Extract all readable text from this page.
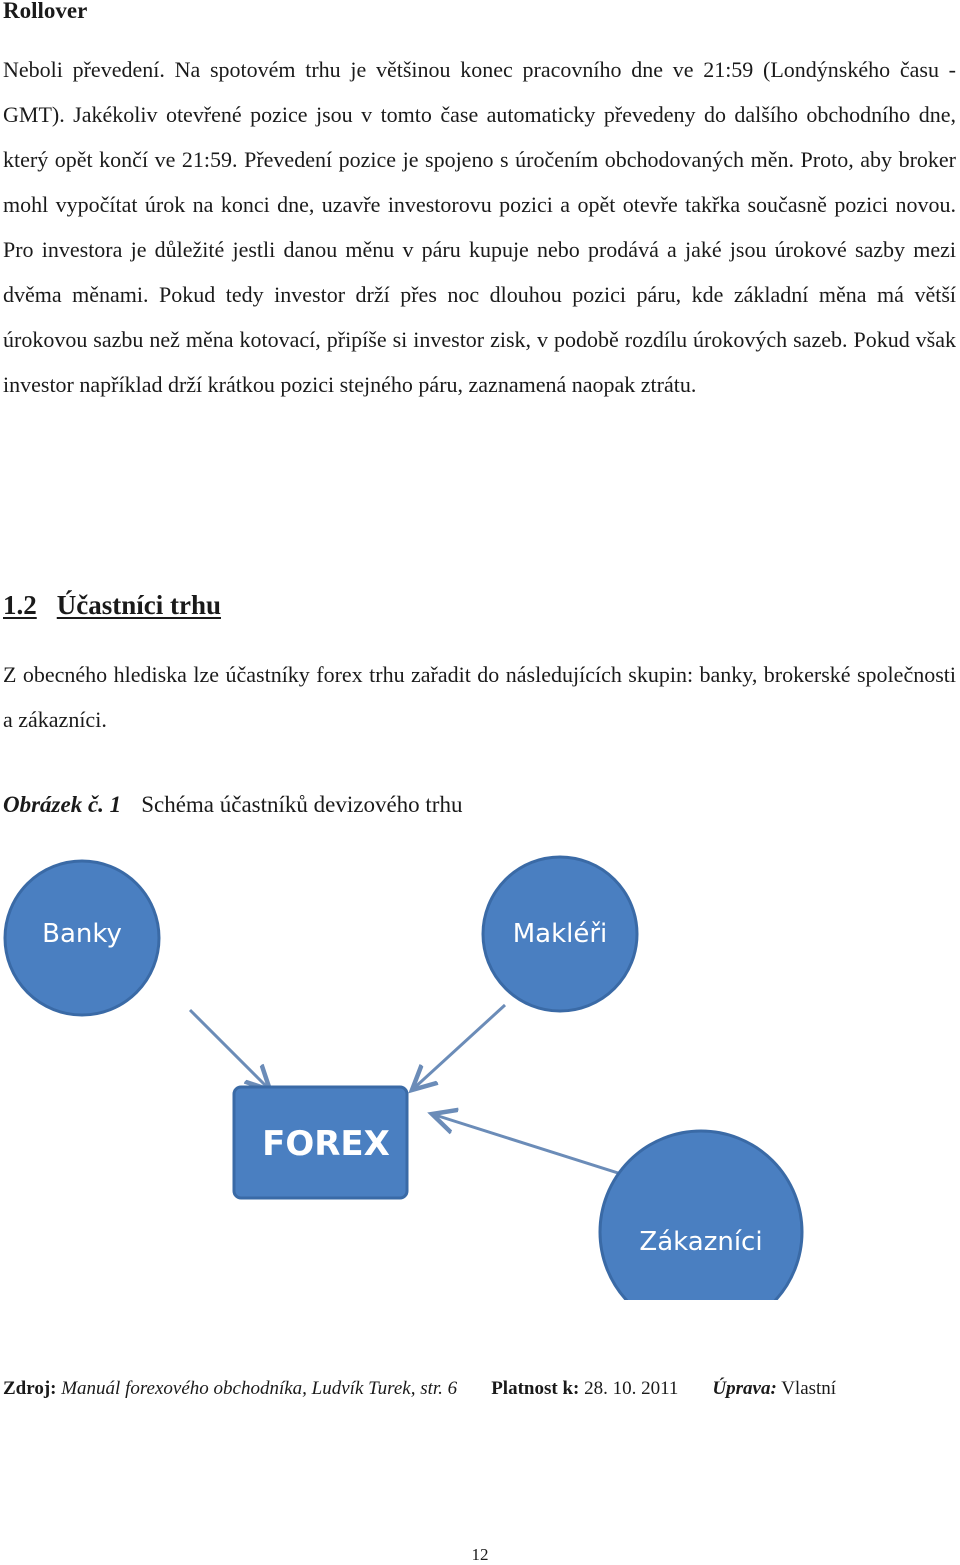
Rollover
Neboli převedení. Na spotovém trhu je většinou konec pracovního dne ve 21:59 (Londýnského času - GMT). Jakékoliv otevřené pozice jsou v tomto čase automaticky převedeny do dalšího obchodního dne, který opět končí ve 21:59. Převedení pozice je spojeno s úročením obchodovaných měn. Proto, aby broker mohl vypočítat úrok na konci dne, uzavře investorovu pozici a opět otevře takřka současně pozici novou. Pro investora je důležité jestli danou měnu v páru kupuje nebo prodává a jaké jsou úrokové sazby mezi dvěma měnami. Pokud tedy investor drží přes noc dlouhou pozici páru, kde základní měna má větší úrokovou sazbu než měna kotovací, připíše si investor zisk, v podobě rozdílu úrokových sazeb. Pokud však investor například drží krátkou pozici stejného páru, zaznamená naopak ztrátu.
1.2 Účastníci trhu
Z obecného hlediska lze účastníky forex trhu zařadit do následujících skupin: banky, brokerské společnosti a zákazníci.
Obrázek č. 1 Schéma účastníků devizového trhu
Banky	Makléři
Zákazníci
FOREX
Zdroj: Manuál forexového obchodníka, Ludvík Turek, str. 6 Platnost k: 28. 10. 2011 Úprava: Vlastní
12
